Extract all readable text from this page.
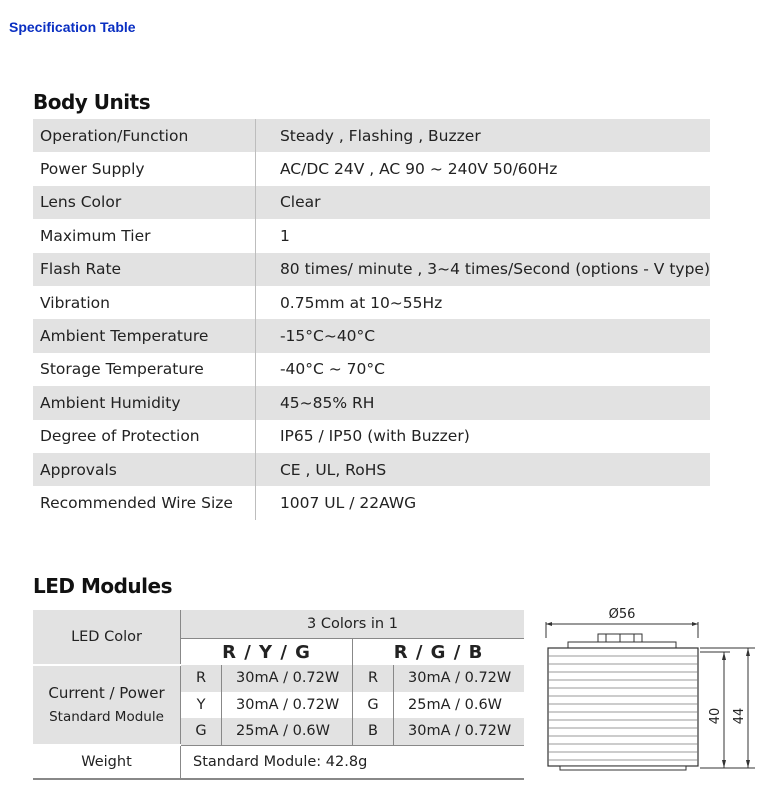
Specification Table
Body Units
Operation/Function	Steady , Flashing , Buzzer
Power Supply	AC/DC 24V , AC 90 ~ 240V 50/60Hz
Lens Color	Clear
Maximum Tier	1
Flash Rate	80 times/ minute , 3~4 times/Second (options - V type)
Vibration	0.75mm at 10~55Hz
Ambient Temperature	-15°C~40°C
Storage Temperature	-40°C ~ 70°C
Ambient Humidity	45~85% RH
Degree of Protection	IP65 / IP50 (with Buzzer)
Approvals	CE , UL, RoHS
Recommended Wire Size	1007 UL / 22AWG
LED Modules
LED Color	3 Colors in 1			
	R / Y / G		R / G / B	

Current / Power
Standard Module	R	30mA / 0.72W	R	30mA / 0.72W
	Y	30mA / 0.72W	G	25mA / 0.6W
	G	25mA / 0.6W	B	30mA / 0.72W
Weight	Standard Module: 42.8g			
Ø56
40 44
